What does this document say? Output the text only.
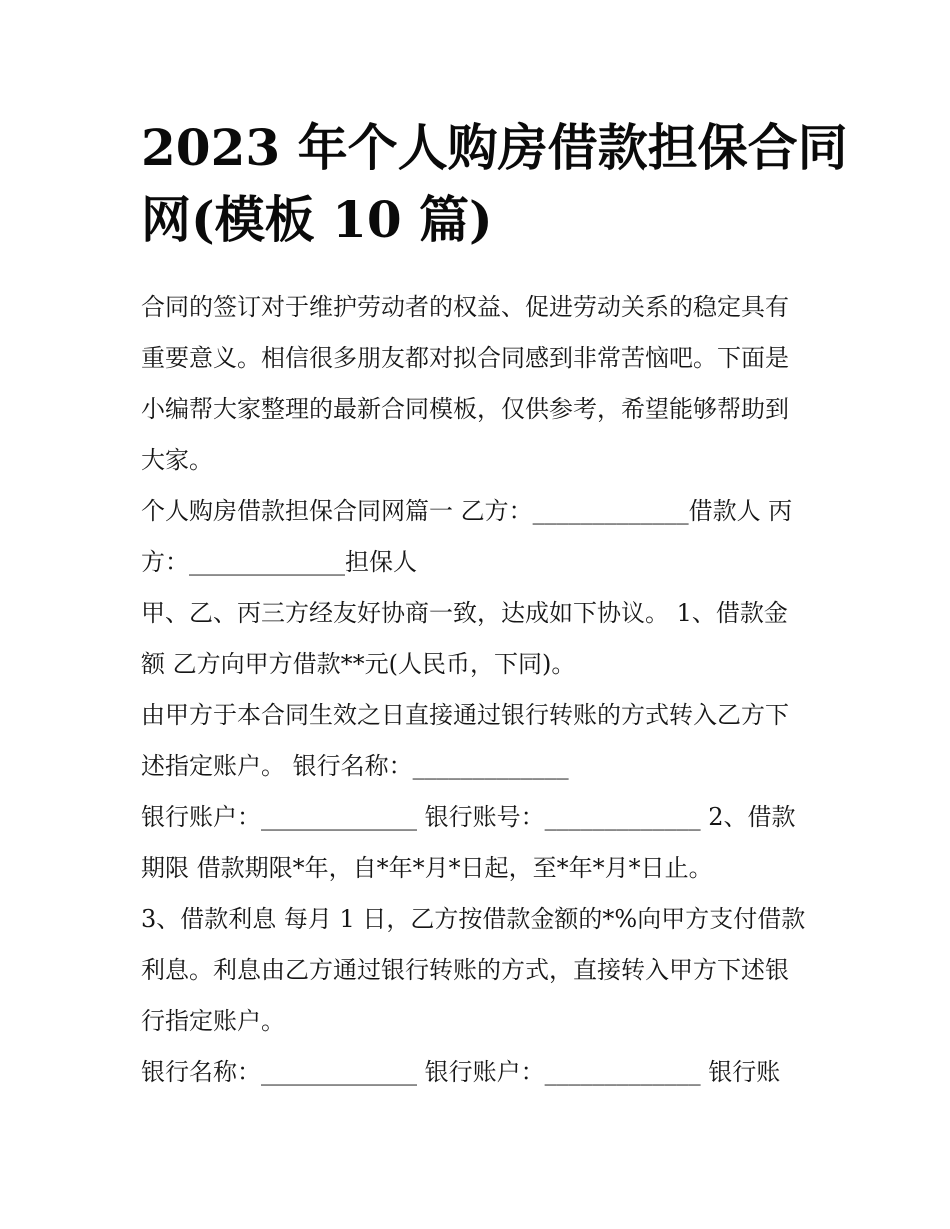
2023 年个人购房借款担保合同
网(模板 10 篇)

合同的签订对于维护劳动者的权益、促进劳动关系的稳定具有
重要意义。相信很多朋友都对拟合同感到非常苦恼吧。下面是
小编帮大家整理的最新合同模板，仅供参考，希望能够帮助到
大家。

个人购房借款担保合同网篇一 乙方：_____________借款人 丙
方：_____________担保人

甲、乙、丙三方经友好协商一致，达成如下协议。 1、借款金
额 乙方向甲方借款**元(人民币，下同)。

由甲方于本合同生效之日直接通过银行转账的方式转入乙方下
述指定账户。 银行名称：_____________

银行账户：_____________ 银行账号：_____________ 2、借款
期限 借款期限*年，自*年*月*日起，至*年*月*日止。

3、借款利息 每月 1 日，乙方按借款金额的*%向甲方支付借款
利息。利息由乙方通过银行转账的方式，直接转入甲方下述银
行指定账户。

银行名称：_____________ 银行账户：_____________ 银行账
